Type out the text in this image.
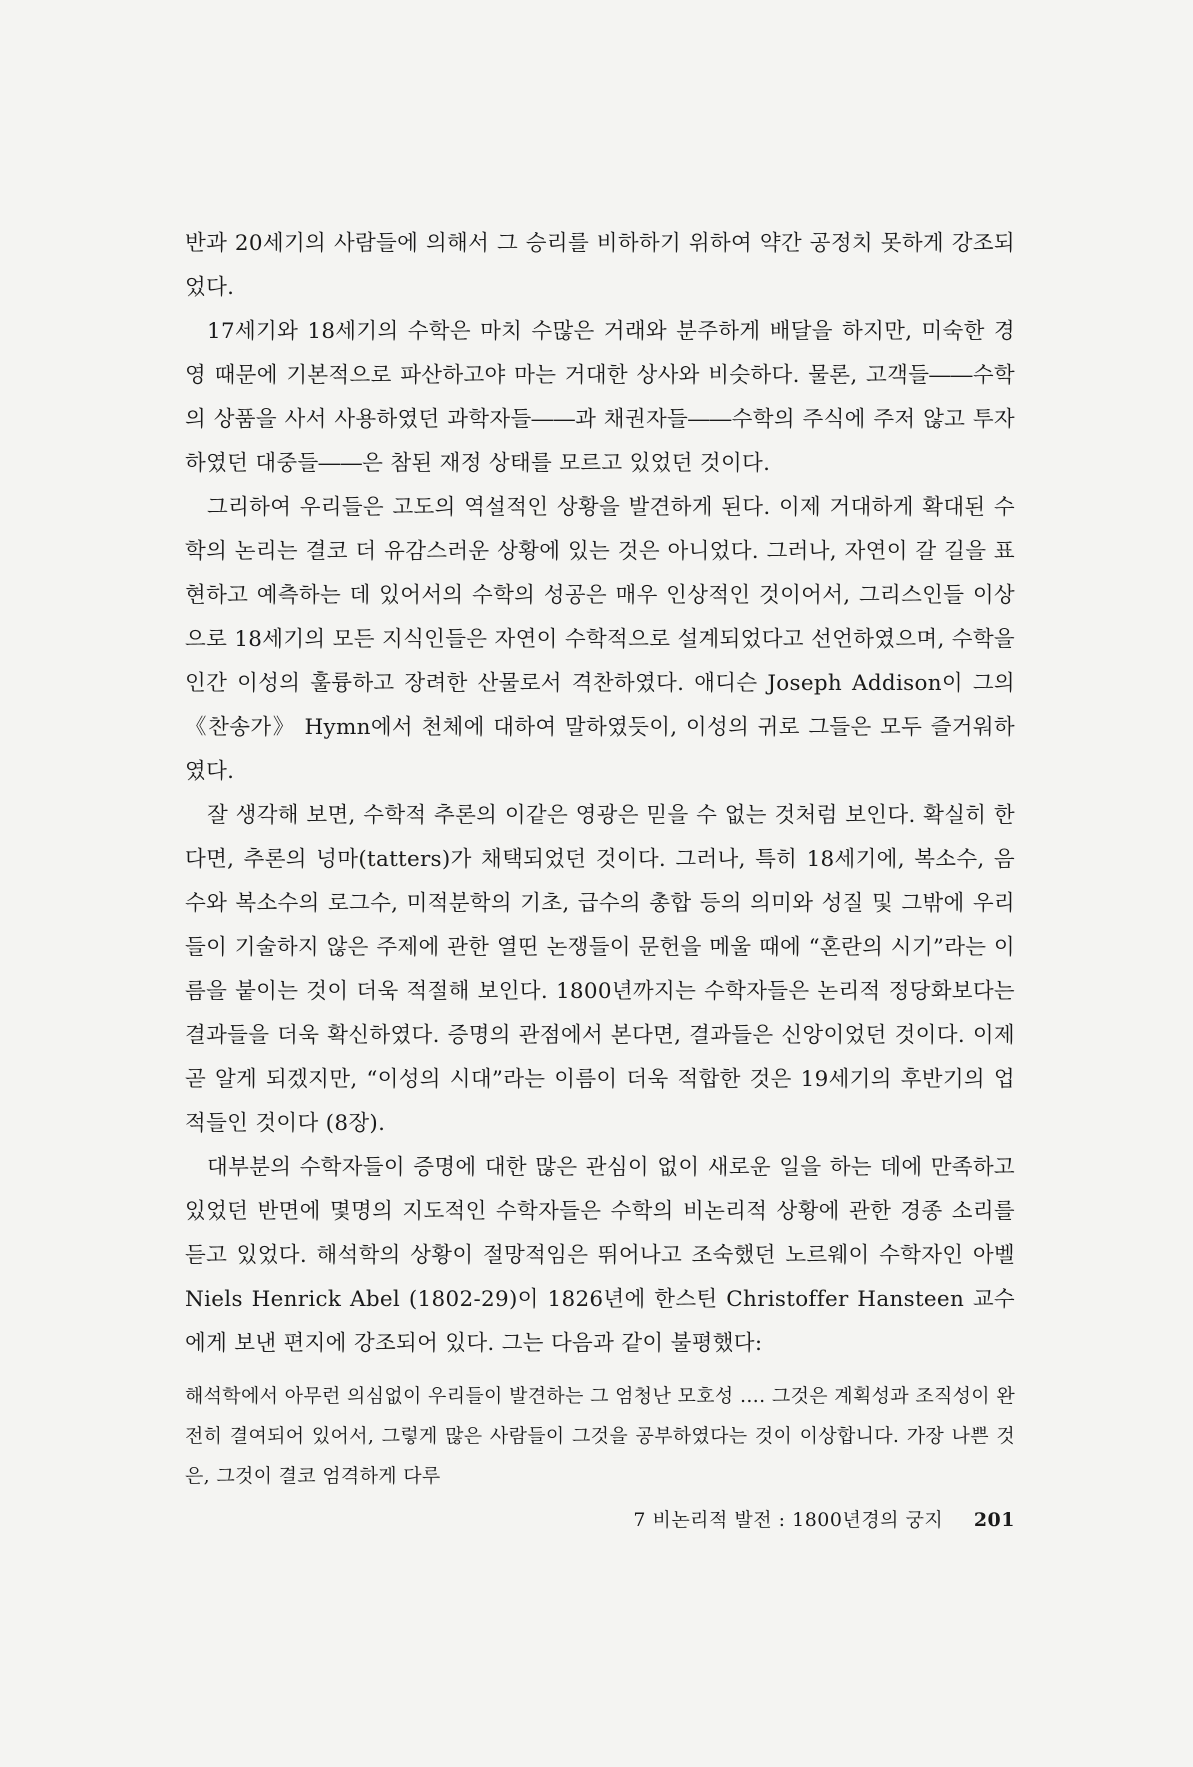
반과 20세기의 사람들에 의해서 그 승리를 비하하기 위하여 약간 공정치 못하게 강조되었다.

17세기와 18세기의 수학은 마치 수많은 거래와 분주하게 배달을 하지만, 미숙한 경영 때문에 기본적으로 파산하고야 마는 거대한 상사와 비슷하다. 물론, 고객들――수학의 상품을 사서 사용하였던 과학자들――과 채권자들――수학의 주식에 주저 않고 투자하였던 대중들――은 참된 재정 상태를 모르고 있었던 것이다.

그리하여 우리들은 고도의 역설적인 상황을 발견하게 된다. 이제 거대하게 확대된 수학의 논리는 결코 더 유감스러운 상황에 있는 것은 아니었다. 그러나, 자연이 갈 길을 표현하고 예측하는 데 있어서의 수학의 성공은 매우 인상적인 것이어서, 그리스인들 이상으로 18세기의 모든 지식인들은 자연이 수학적으로 설계되었다고 선언하였으며, 수학을 인간 이성의 훌륭하고 장려한 산물로서 격찬하였다. 애디슨 Joseph Addison이 그의 《찬송가》 Hymn에서 천체에 대하여 말하였듯이, 이성의 귀로 그들은 모두 즐거워하였다.

잘 생각해 보면, 수학적 추론의 이같은 영광은 믿을 수 없는 것처럼 보인다. 확실히 한다면, 추론의 넝마(tatters)가 채택되었던 것이다. 그러나, 특히 18세기에, 복소수, 음수와 복소수의 로그수, 미적분학의 기초, 급수의 총합 등의 의미와 성질 및 그밖에 우리들이 기술하지 않은 주제에 관한 열띤 논쟁들이 문헌을 메울 때에 “혼란의 시기”라는 이름을 붙이는 것이 더욱 적절해 보인다. 1800년까지는 수학자들은 논리적 정당화보다는 결과들을 더욱 확신하였다. 증명의 관점에서 본다면, 결과들은 신앙이었던 것이다. 이제 곧 알게 되겠지만, “이성의 시대”라는 이름이 더욱 적합한 것은 19세기의 후반기의 업적들인 것이다 (8장).

대부분의 수학자들이 증명에 대한 많은 관심이 없이 새로운 일을 하는 데에 만족하고 있었던 반면에 몇명의 지도적인 수학자들은 수학의 비논리적 상황에 관한 경종 소리를 듣고 있었다. 해석학의 상황이 절망적임은 뛰어나고 조숙했던 노르웨이 수학자인 아벨 Niels Henrick Abel (1802-29)이 1826년에 한스틴 Christoffer Hansteen 교수에게 보낸 편지에 강조되어 있다. 그는 다음과 같이 불평했다:

해석학에서 아무런 의심없이 우리들이 발견하는 그 엄청난 모호성 …. 그것은 계획성과 조직성이 완전히 결여되어 있어서, 그렇게 많은 사람들이 그것을 공부하였다는 것이 이상합니다. 가장 나쁜 것은, 그것이 결코 엄격하게 다루

7 비논리적 발전 : 1800년경의 궁지 201
